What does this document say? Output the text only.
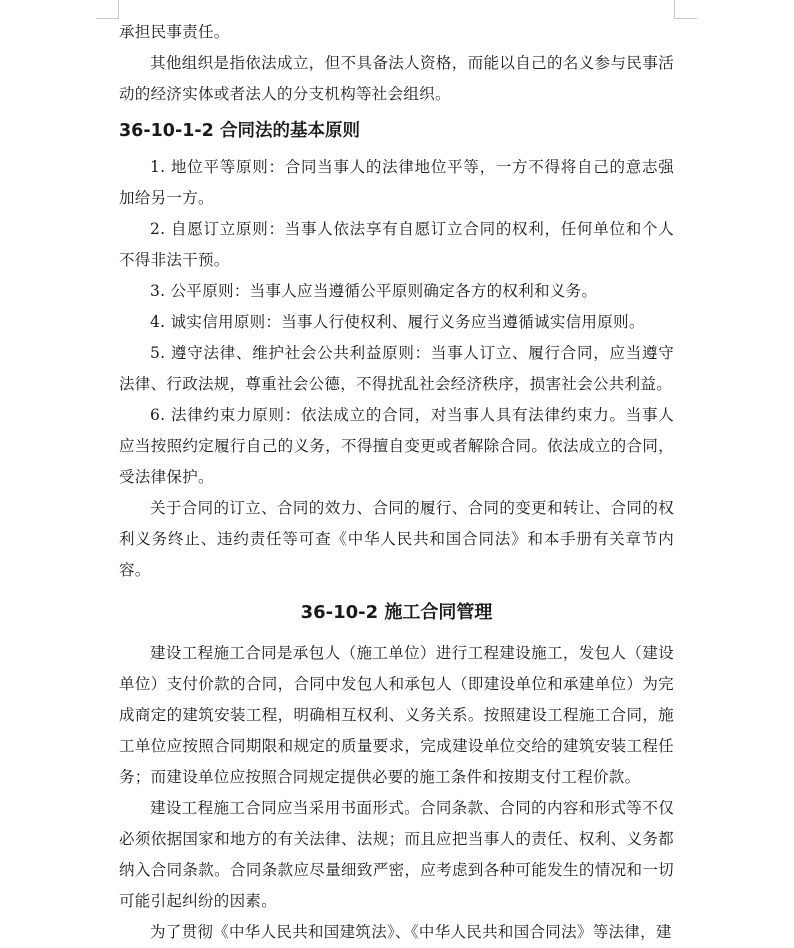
承担民事责任。

其他组织是指依法成立，但不具备法人资格，而能以自己的名义参与民事活动的经济实体或者法人的分支机构等社会组织。

36-10-1-2 合同法的基本原则

1. 地位平等原则：合同当事人的法律地位平等，一方不得将自己的意志强加给另一方。

2. 自愿订立原则：当事人依法享有自愿订立合同的权利，任何单位和个人不得非法干预。

3. 公平原则：当事人应当遵循公平原则确定各方的权利和义务。

4. 诚实信用原则：当事人行使权利、履行义务应当遵循诚实信用原则。

5. 遵守法律、维护社会公共利益原则：当事人订立、履行合同，应当遵守法律、行政法规，尊重社会公德，不得扰乱社会经济秩序，损害社会公共利益。

6. 法律约束力原则：依法成立的合同，对当事人具有法律约束力。当事人应当按照约定履行自己的义务，不得擅自变更或者解除合同。依法成立的合同，受法律保护。

关于合同的订立、合同的效力、合同的履行、合同的变更和转让、合同的权利义务终止、违约责任等可查《中华人民共和国合同法》和本手册有关章节内容。

36-10-2 施工合同管理

建设工程施工合同是承包人（施工单位）进行工程建设施工，发包人（建设单位）支付价款的合同，合同中发包人和承包人（即建设单位和承建单位）为完成商定的建筑安装工程，明确相互权利、义务关系。按照建设工程施工合同，施工单位应按照合同期限和规定的质量要求，完成建设单位交给的建筑安装工程任务；而建设单位应按照合同规定提供必要的施工条件和按期支付工程价款。

建设工程施工合同应当采用书面形式。合同条款、合同的内容和形式等不仅必须依据国家和地方的有关法律、法规；而且应把当事人的责任、权利、义务都纳入合同条款。合同条款应尽量细致严密，应考虑到各种可能发生的情况和一切可能引起纠纷的因素。

为了贯彻《中华人民共和国建筑法》、《中华人民共和国合同法》等法律，建
